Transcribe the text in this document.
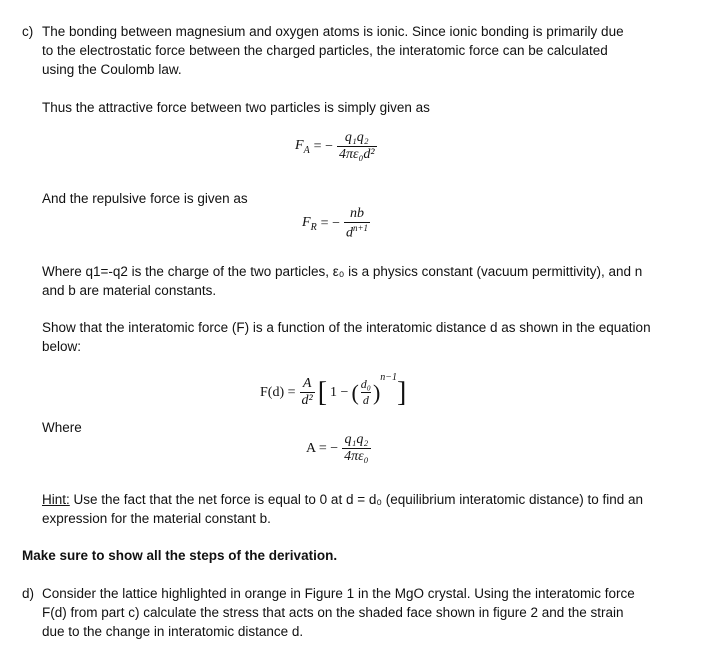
c) The bonding between magnesium and oxygen atoms is ionic. Since ionic bonding is primarily due to the electrostatic force between the charged particles, the interatomic force can be calculated using the Coulomb law.
Thus the attractive force between two particles is simply given as
$F_A$ = − $\frac{\text{q₁q₂}}{\text{4πε₀d²}}$
And the repulsive force is given as
$F_R$ = − $\frac{nb}{d^{n+1}}$
Where q1=-q2 is the charge of the two particles, ε₀ is a physics constant (vacuum permittivity), and n and b are material constants.
Show that the interatomic force (F) is a function of the interatomic distance d as shown in the equation below:
$F(d) = \frac{A}{\text{d²}}$ [ 1 − ( $\frac{\text{d₀}}{d}$ )
$^{n-1}$ ]
Where
A = − $\frac{\text{q₁q₂}}{\text{4πε₀}}$
Hint: Use the fact that the net force is equal to 0 at d = d₀ (equilibrium interatomic distance) to find an expression for the material constant b.
Make sure to show all the steps of the derivation.
d) Consider the lattice highlighted in orange in Figure 1 in the MgO crystal. Using the interatomic force F(d) from part c) calculate the stress that acts on the shaded face shown in figure 2 and the strain due to the change in interatomic distance d.
